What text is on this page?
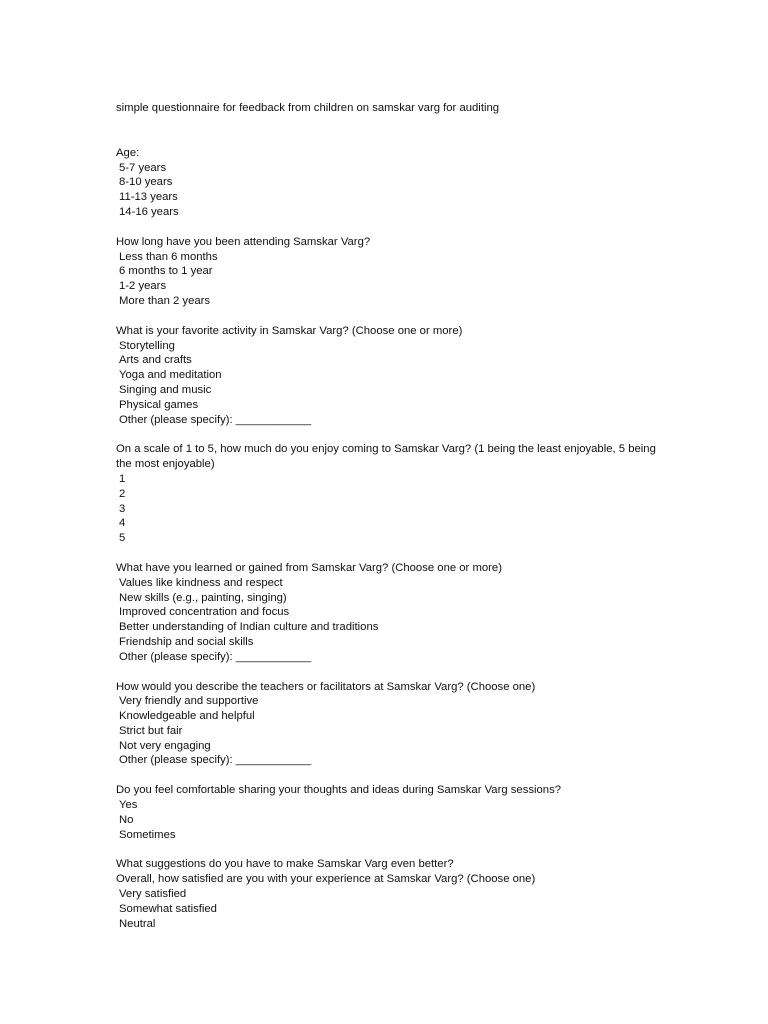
simple questionnaire for feedback from children on samskar varg for auditing

Age:

5-7 years

8-10 years

11-13 years

14-16 years

How long have you been attending Samskar Varg?

Less than 6 months

6 months to 1 year

1-2 years

More than 2 years

What is your favorite activity in Samskar Varg? (Choose one or more)

Storytelling

Arts and crafts

Yoga and meditation

Singing and music

Physical games

Other (please specify): ____________

On a scale of 1 to 5, how much do you enjoy coming to Samskar Varg? (1 being the least enjoyable, 5 being the most enjoyable)

1

2

3

4

5

What have you learned or gained from Samskar Varg? (Choose one or more)

Values like kindness and respect

New skills (e.g., painting, singing)

Improved concentration and focus

Better understanding of Indian culture and traditions

Friendship and social skills

Other (please specify): ____________

How would you describe the teachers or facilitators at Samskar Varg? (Choose one)

Very friendly and supportive

Knowledgeable and helpful

Strict but fair

Not very engaging

Other (please specify): ____________

Do you feel comfortable sharing your thoughts and ideas during Samskar Varg sessions?

Yes

No

Sometimes

What suggestions do you have to make Samskar Varg even better?

Overall, how satisfied are you with your experience at Samskar Varg? (Choose one)

Very satisfied

Somewhat satisfied

Neutral
